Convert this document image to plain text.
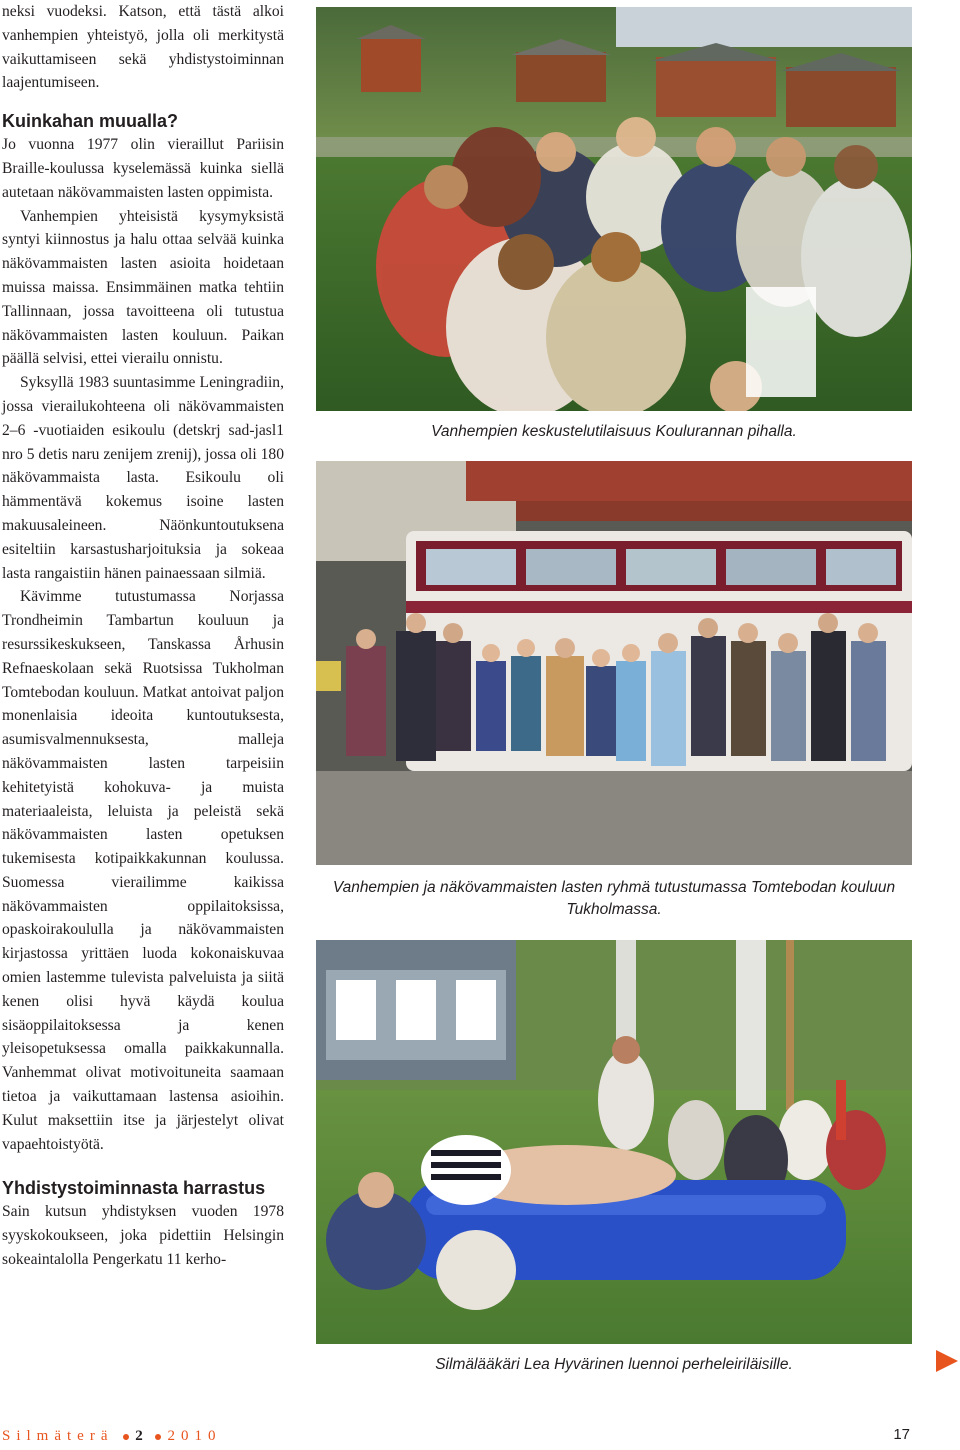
neksi vuodeksi. Katson, että tästä alkoi vanhempien yhteistyö, jolla oli merkitystä vaikuttamiseen sekä yhdistystoiminnan laajentumiseen.

Kuinkahan muualla?

Jo vuonna 1977 olin vieraillut Pariisin Braille-koulussa kyselemässä kuinka siellä autetaan näkövammaisten lasten oppimista.

Vanhempien yhteisistä kysymyksistä syntyi kiinnostus ja halu ottaa selvää kuinka näkövammaisten lasten asioita hoidetaan muissa maissa. Ensimmäinen matka tehtiin Tallinnaan, jossa tavoitteena oli tutustua näkövammaisten lasten kouluun. Paikan päällä selvisi, ettei vierailu onnistu.

Syksyllä 1983 suuntasimme Leningradiin, jossa vierailukohteena oli näkövammaisten 2–6 -vuotiaiden esikoulu (detskrj sad-jasl1 nro 5 detis naru zenijem zrenij), jossa oli 180 näkövammaista lasta. Esikoulu oli hämmentävä kokemus isoine lasten makuusaleineen. Näönkuntoutuksena esiteltiin karsastusharjoituksia ja sokeaa lasta rangaistiin hänen painaessaan silmiä.

Kävimme tutustumassa Norjassa Trondheimin Tambartun kouluun ja resurssikeskukseen, Tanskassa Århusin Refnaeskolaan sekä Ruotsissa Tukholman Tomtebodan kouluun. Matkat antoivat paljon monenlaisia ideoita kuntoutuksesta, asumisvalmennuksesta, malleja näkövammaisten lasten tarpeisiin kehitetyistä kohokuva- ja muista materiaaleista, leluista ja peleistä sekä näkövammaisten lasten opetuksen tukemisesta kotipaikkakunnan koulussa. Suomessa vierailimme kaikissa näkövammaisten oppilaitoksissa, opaskoirakoululla ja näkövammaisten kirjastossa yrittäen luoda kokonaiskuvaa omien lastemme tulevista palveluista ja siitä kenen olisi hyvä käydä koulua sisäoppilaitoksessa ja kenen yleisopetuksessa omalla paikkakunnalla. Vanhemmat olivat motivoituneita saamaan tietoa ja vaikuttamaan lastensa asioihin. Kulut maksettiin itse ja järjestelyt olivat vapaehtoistyötä.

Yhdistystoiminnasta harrastus

Sain kutsun yhdistyksen vuoden 1978 syyskokoukseen, joka pidettiin Helsingin sokeaintalolla Pengerkatu 11 kerho-

Vanhempien keskustelutilaisuus Koulurannan pihalla.
Vanhempien ja näkövammaisten lasten ryhmä tutustumassa Tomtebodan kouluun Tukholmassa.
Silmälääkäri Lea Hyvärinen luennoi perheleiriläisille.
Silmäterä 2 2010	17
